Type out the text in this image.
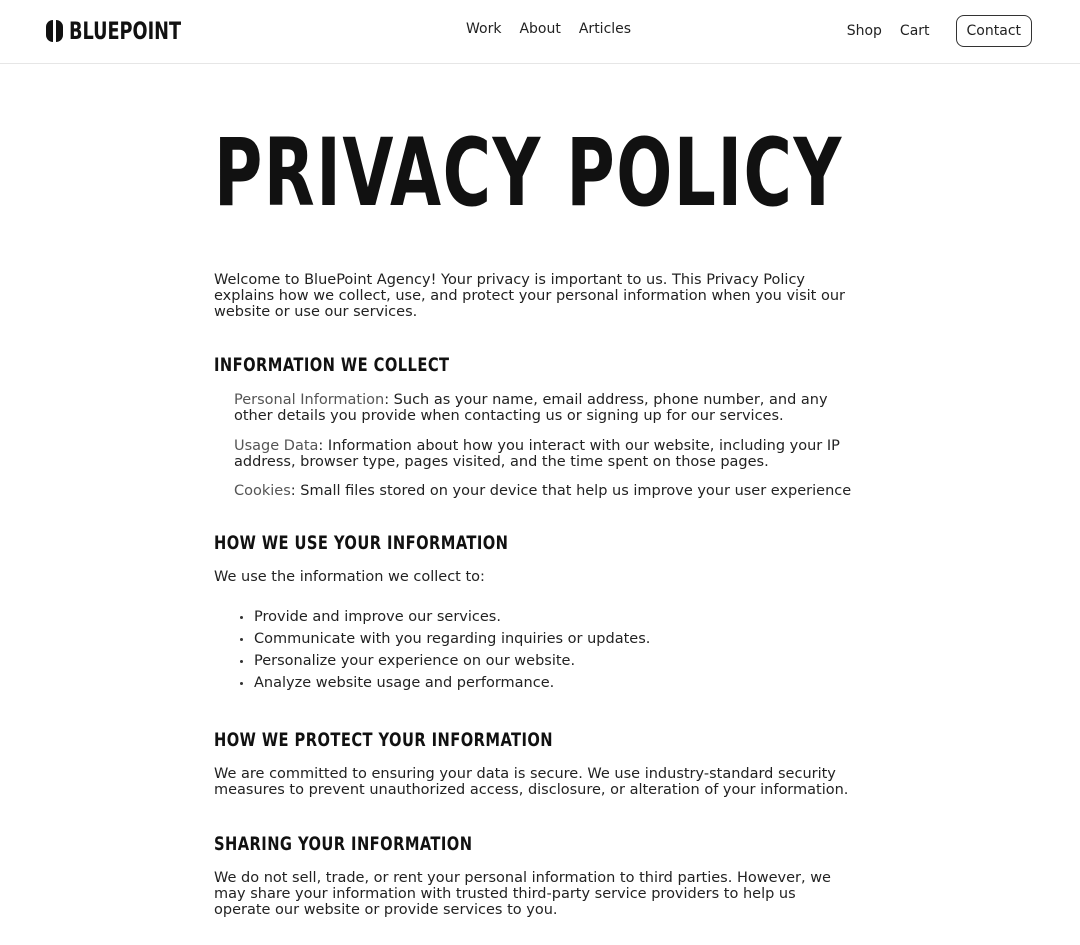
BLUEPOINT	Work About Articles	Shop Cart	Contact
PRIVACY POLICY

Welcome to BluePoint Agency! Your privacy is important to us. This Privacy Policy explains how we collect, use, and protect your personal information when you visit our website or use our services.

INFORMATION WE COLLECT
Personal Information: Such as your name, email address, phone number, and any other details you provide when contacting us or signing up for our services.
Usage Data: Information about how you interact with our website, including your IP address, browser type, pages visited, and the time spent on those pages.
Cookies: Small files stored on your device that help us improve your user experience
HOW WE USE YOUR INFORMATION

We use the information we collect to:

Provide and improve our services.
Communicate with you regarding inquiries or updates.
Personalize your experience on our website.
Analyze website usage and performance.
HOW WE PROTECT YOUR INFORMATION

We are committed to ensuring your data is secure. We use industry-standard security measures to prevent unauthorized access, disclosure, or alteration of your information.

SHARING YOUR INFORMATION

We do not sell, trade, or rent your personal information to third parties. However, we may share your information with trusted third-party service providers to help us operate our website or provide services to you.
